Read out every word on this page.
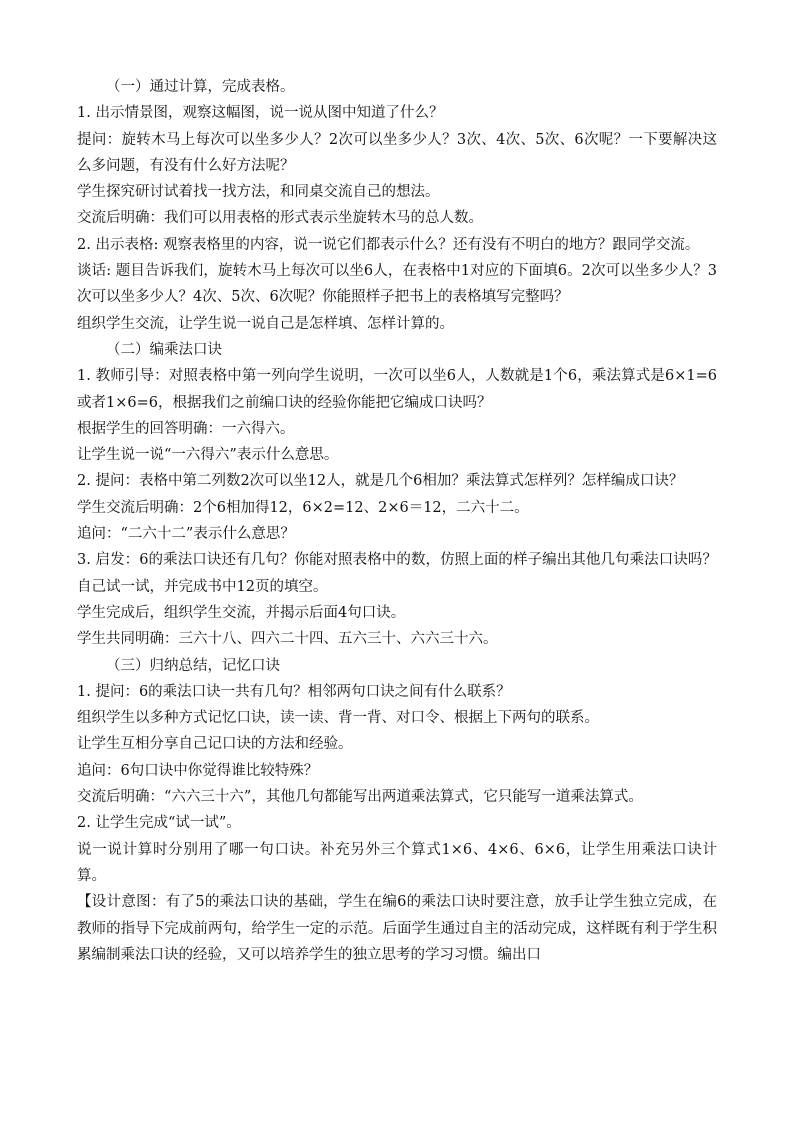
（一）通过计算，完成表格。

1. 出示情景图，观察这幅图，说一说从图中知道了什么？

提问：旋转木马上每次可以坐多少人？2次可以坐多少人？3次、4次、5次、6次呢？一下要解决这么多问题，有没有什么好方法呢？

学生探究研讨试着找一找方法，和同桌交流自己的想法。

交流后明确：我们可以用表格的形式表示坐旋转木马的总人数。

2. 出示表格: 观察表格里的内容，说一说它们都表示什么？还有没有不明白的地方？跟同学交流。

谈话: 题目告诉我们，旋转木马上每次可以坐6人，在表格中1对应的下面填6。2次可以坐多少人？3次可以坐多少人？4次、5次、6次呢？你能照样子把书上的表格填写完整吗？

组织学生交流，让学生说一说自己是怎样填、怎样计算的。

（二）编乘法口诀

1. 教师引导：对照表格中第一列向学生说明，一次可以坐6人，人数就是1个6，乘法算式是6×1=6或者1×6=6，根据我们之前编口诀的经验你能把它编成口诀吗？

根据学生的回答明确：一六得六。

让学生说一说“一六得六”表示什么意思。

2. 提问：表格中第二列数2次可以坐12人，就是几个6相加？乘法算式怎样列？怎样编成口诀？

学生交流后明确：2个6相加得12，6×2=12、2×6＝12，二六十二。

追问：“二六十二”表示什么意思？

3. 启发：6的乘法口诀还有几句？你能对照表格中的数，仿照上面的样子编出其他几句乘法口诀吗？自己试一试，并完成书中12页的填空。

学生完成后，组织学生交流，并揭示后面4句口诀。

学生共同明确：三六十八、四六二十四、五六三十、六六三十六。

（三）归纳总结，记忆口诀

1. 提问：6的乘法口诀一共有几句？相邻两句口诀之间有什么联系？

组织学生以多种方式记忆口诀，读一读、背一背、对口令、根据上下两句的联系。

让学生互相分享自己记口诀的方法和经验。

追问：6句口诀中你觉得谁比较特殊？

交流后明确：“六六三十六”，其他几句都能写出两道乘法算式，它只能写一道乘法算式。

2. 让学生完成“试一试”。

说一说计算时分别用了哪一句口诀。补充另外三个算式1×6、4×6、6×6，让学生用乘法口诀计算。

【设计意图：有了5的乘法口诀的基础，学生在编6的乘法口诀时要注意，放手让学生独立完成，在教师的指导下完成前两句，给学生一定的示范。后面学生通过自主的活动完成，这样既有利于学生积累编制乘法口诀的经验，又可以培养学生的独立思考的学习习惯。编出口
